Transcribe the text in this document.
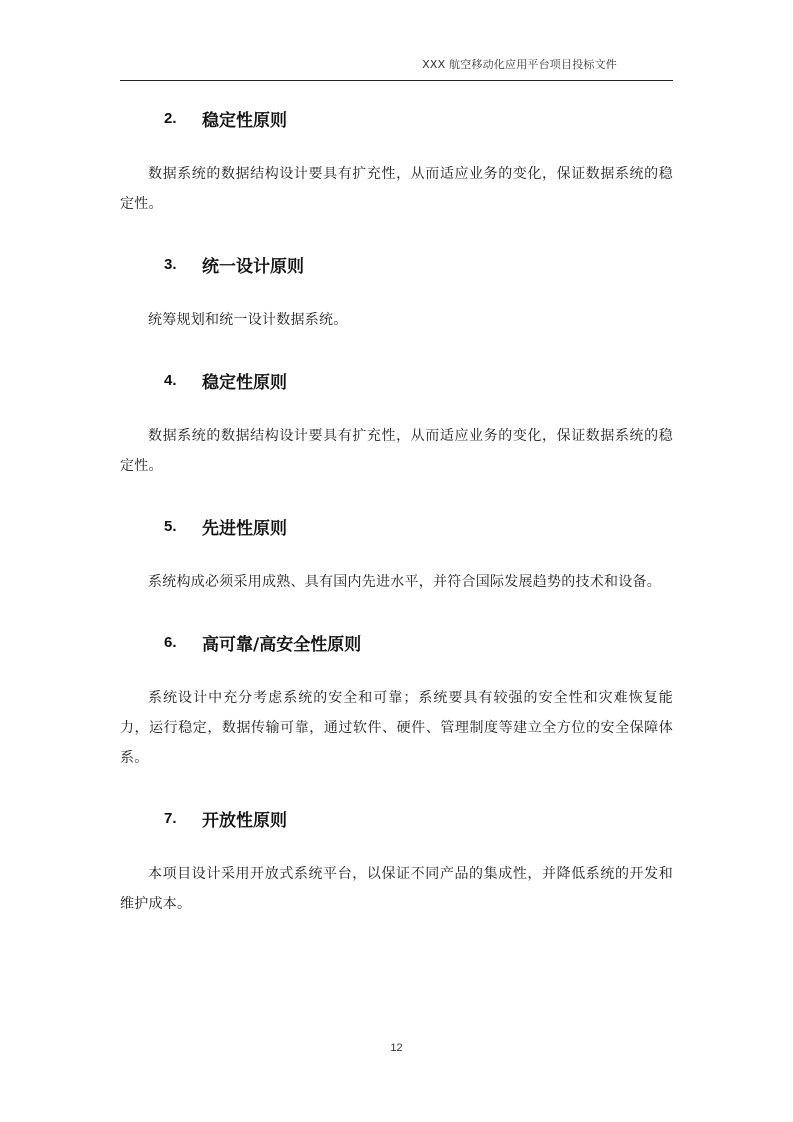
XXX 航空移动化应用平台项目投标文件
2.	稳定性原则

数据系统的数据结构设计要具有扩充性，从而适应业务的变化，保证数据系统的稳定性。

3.	统一设计原则

统筹规划和统一设计数据系统。

4.	稳定性原则

数据系统的数据结构设计要具有扩充性，从而适应业务的变化，保证数据系统的稳定性。

5.	先进性原则

系统构成必须采用成熟、具有国内先进水平，并符合国际发展趋势的技术和设备。

6.	高可靠/高安全性原则

系统设计中充分考虑系统的安全和可靠；系统要具有较强的安全性和灾难恢复能力，运行稳定，数据传输可靠，通过软件、硬件、管理制度等建立全方位的安全保障体系。

7.	开放性原则

本项目设计采用开放式系统平台，以保证不同产品的集成性，并降低系统的开发和维护成本。

12
